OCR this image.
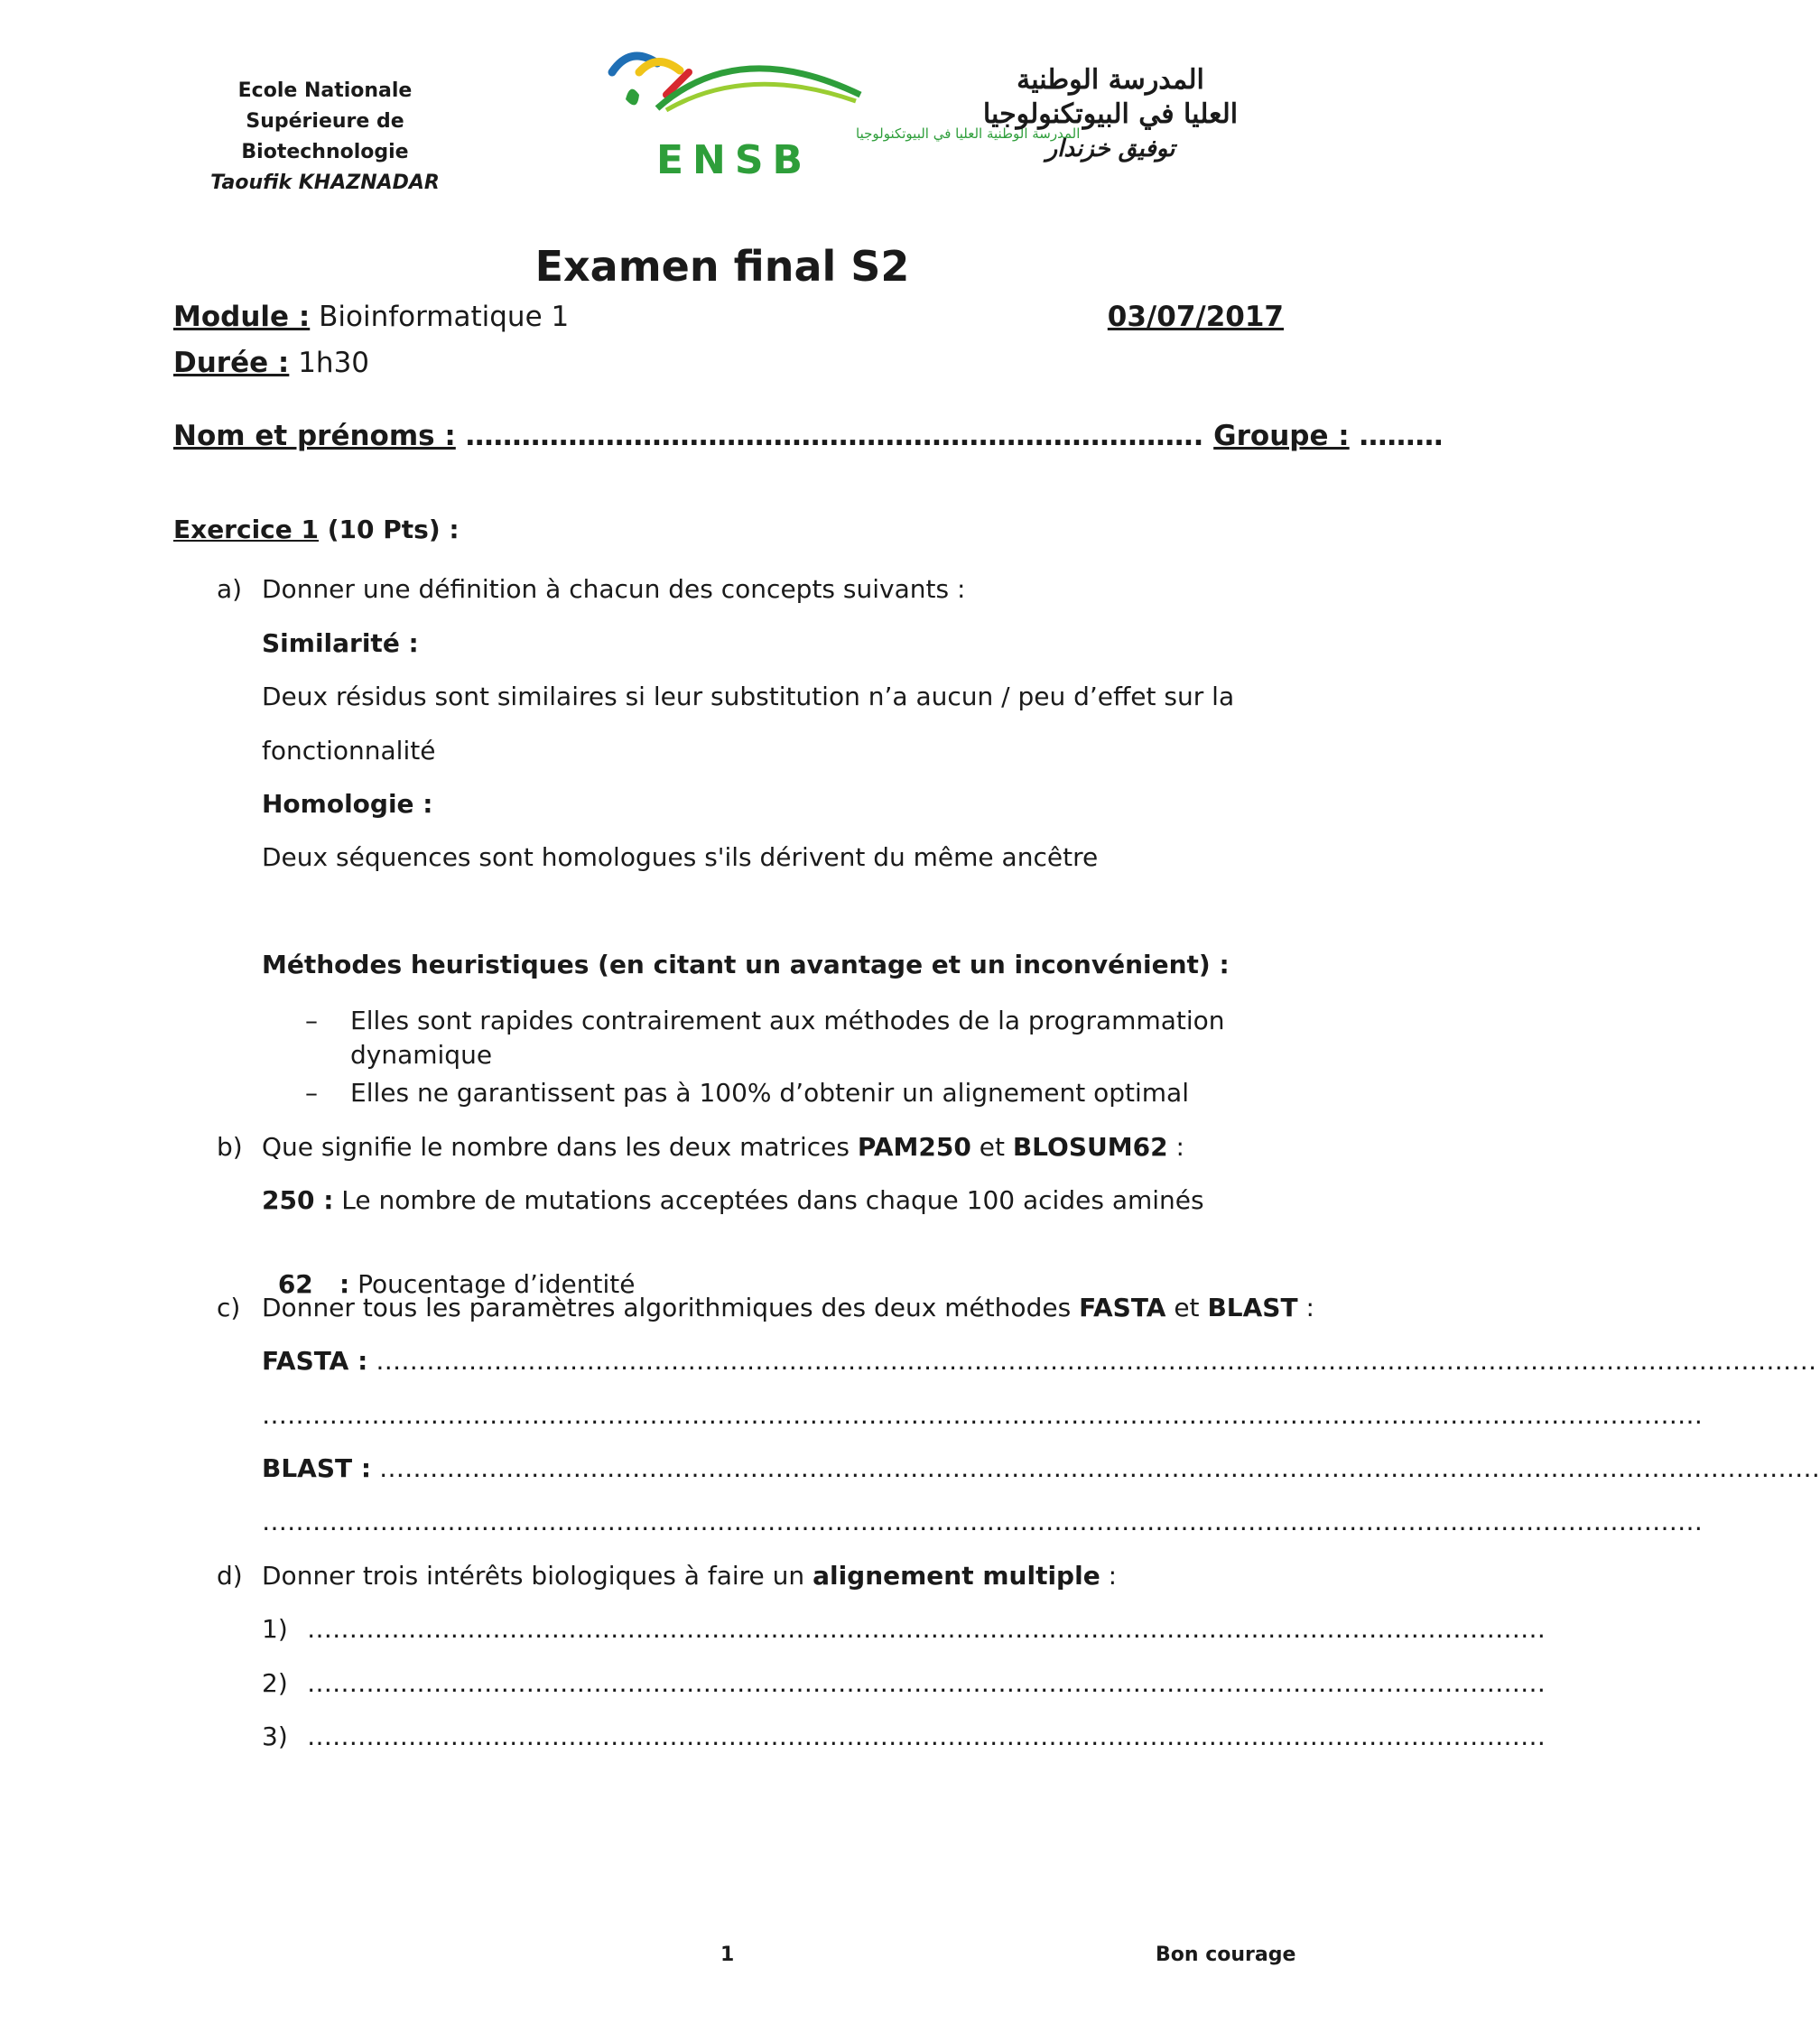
Ecole Nationale
Supérieure de Biotechnologie
Taoufik KHAZNADAR
المدرسة الوطنية العليا في البيوتكنولوجيا
ENSB
المدرسة الوطنية
العليا في البيوتكنولوجيا
توفيق خزندار
Examen final S2
Module : Bioinformatique 1	03/07/2017
Durée : 1h30
Nom et prénoms : ……………………………………………………………………. Groupe : ………
Exercice 1 (10 Pts) :
a) Donner une définition à chacun des concepts suivants :
Similarité :
Deux résidus sont similaires si leur substitution n’a aucun / peu d’effet sur la
fonctionnalité
Homologie :
Deux séquences sont homologues s'ils dérivent du même ancêtre
Méthodes heuristiques (en citant un avantage et un inconvénient) :
– Elles sont rapides contrairement aux méthodes de la programmation
dynamique
– Elles ne garantissent pas à 100% d’obtenir un alignement optimal
b) Que signifie le nombre dans les deux matrices PAM250 et BLOSUM62 :
250 : Le nombre de mutations acceptées dans chaque 100 acides aminés

62   : Poucentage d’identité

c) Donner tous les paramètres algorithmiques des deux méthodes FASTA et BLAST :
FASTA : ………………………………………………………………………………………………………………………………………………………
………………………………………………………………………………………………………………………………………………………
BLAST : ………………………………………………………………………………………………………………………………………………………
………………………………………………………………………………………………………………………………………………………
d) Donner trois intérêts biologiques à faire un alignement multiple :
1) …………………………………………………………………………………………………………………………………
2) …………………………………………………………………………………………………………………………………
3) …………………………………………………………………………………………………………………………………
1	Bon courage
